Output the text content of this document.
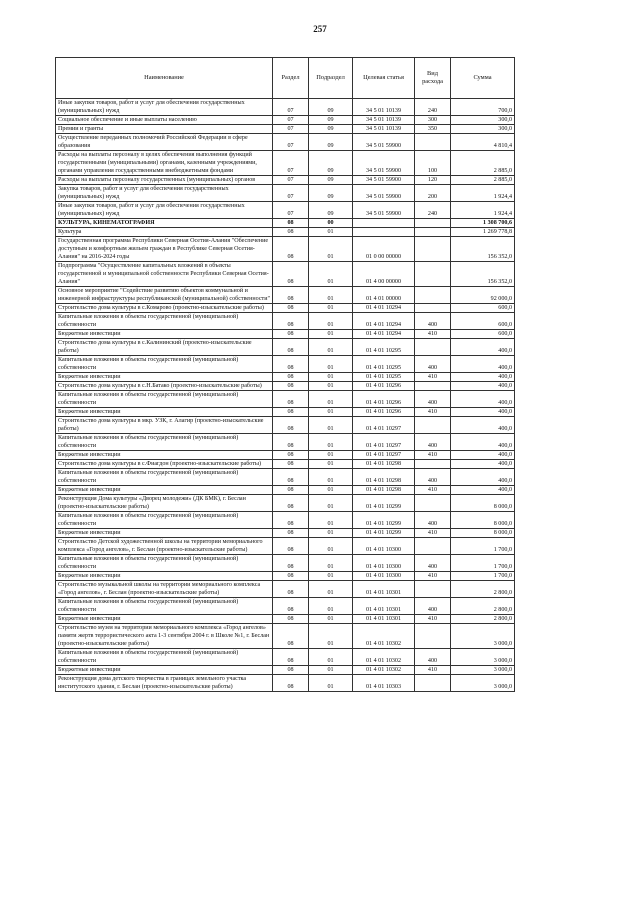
257
Наименование	Раздел	Подраздел	Целевая статья	Вид расхода	Сумма
Иные закупки товаров, работ и услуг для обеспечения государственных (муниципальных) нужд	07	09	34 5 01 10139	240	700,0
Социальное обеспечение и иные выплаты населению	07	09	34 5 01 10139	300	300,0
Премии и гранты	07	09	34 5 01 10139	350	300,0
Осуществление переданных полномочий Российской Федерации в сфере образования	07	09	34 5 01 59900		4 810,4
Расходы на выплаты персоналу в целях обеспечения выполнения функций государственными (муниципальными) органами, казенными учреждениями, органами управления государственными внебюджетными фондами	07	09	34 5 01 59900	100	2 885,0
Расходы на выплаты персоналу государственных (муниципальных) органов	07	09	34 5 01 59900	120	2 885,0
Закупка товаров, работ и услуг для обеспечения государственных (муниципальных) нужд	07	09	34 5 01 59900	200	1 924,4
Иные закупки товаров, работ и услуг для обеспечения государственных (муниципальных) нужд	07	09	34 5 01 59900	240	1 924,4
КУЛЬТУРА, КИНЕМАТОГРАФИЯ	08	00			1 308 700,6
Культура	08	01			1 269 778,8
Государственная программа Республики Северная Осетия-Алания "Обеспечение доступным и комфортным жильем граждан в Республике Северная Осетия-Алания" на 2016-2024 годы	08	01	01 0 00 00000		156 352,0
Подпрограмма "Осуществление капитальных вложений в объекты государственной и муниципальной собственности Республики Северная Осетия-Алания"	08	01	01 4 00 00000		156 352,0
Основное мероприятие "Содействие развитию объектов коммунальной и инженерной инфраструктуры республиканской (муниципальной) собственности"	08	01	01 4 01 00000		92 000,0
Строительство дома культуры в с.Комарово (проектно-изыскательские работы)	08	01	01 4 01 10294		600,0
Капитальные вложения в объекты государственной (муниципальной) собственности	08	01	01 4 01 10294	400	600,0
Бюджетные инвестиции	08	01	01 4 01 10294	410	600,0
Строительство дома культуры в с.Калининский (проектно-изыскательские работы)	08	01	01 4 01 10295		400,0
Капитальные вложения в объекты государственной (муниципальной) собственности	08	01	01 4 01 10295	400	400,0
Бюджетные инвестиции	08	01	01 4 01 10295	410	400,0
Строительство дома культуры в с.Н.Батако (проектно-изыскательские работы)	08	01	01 4 01 10296		400,0
Капитальные вложения в объекты государственной (муниципальной) собственности	08	01	01 4 01 10296	400	400,0
Бюджетные инвестиции	08	01	01 4 01 10296	410	400,0
Строительство дома культуры в мкр. УЗК, г. Алагир (проектно-изыскательские работы)	08	01	01 4 01 10297		400,0
Капитальные вложения в объекты государственной (муниципальной) собственности	08	01	01 4 01 10297	400	400,0
Бюджетные инвестиции	08	01	01 4 01 10297	410	400,0
Строительство дома культуры в с.Фиагдон (проектно-изыскательские работы)	08	01	01 4 01 10298		400,0
Капитальные вложения в объекты государственной (муниципальной) собственности	08	01	01 4 01 10298	400	400,0
Бюджетные инвестиции	08	01	01 4 01 10298	410	400,0
Реконструкция Дома культуры «Дворец молодежи» (ДК БМК), г. Беслан (проектно-изыскательские работы)	08	01	01 4 01 10299		8 000,0
Капитальные вложения в объекты государственной (муниципальной) собственности	08	01	01 4 01 10299	400	8 000,0
Бюджетные инвестиции	08	01	01 4 01 10299	410	8 000,0
Строительство Детской художественной школы на территории мемориального комплекса «Город ангелов», г. Беслан (проектно-изыскательские работы)	08	01	01 4 01 10300		1 700,0
Капитальные вложения в объекты государственной (муниципальной) собственности	08	01	01 4 01 10300	400	1 700,0
Бюджетные инвестиции	08	01	01 4 01 10300	410	1 700,0
Строительство музыкальной школы на территории мемориального комплекса «Город ангелов», г. Беслан (проектно-изыскательские работы)	08	01	01 4 01 10301		2 800,0
Капитальные вложения в объекты государственной (муниципальной) собственности	08	01	01 4 01 10301	400	2 800,0
Бюджетные инвестиции	08	01	01 4 01 10301	410	2 800,0
Строительство музея на территории мемориального комплекса «Город ангелов» памяти жертв террористического акта 1-3 сентября 2004 г. в Школе №1, г. Беслан (проектно-изыскательские работы)	08	01	01 4 01 10302		3 000,0
Капитальные вложения в объекты государственной (муниципальной) собственности	08	01	01 4 01 10302	400	3 000,0
Бюджетные инвестиции	08	01	01 4 01 10302	410	3 000,0
Реконструкция дома детского творчества в границах земельного участка институтского здания, г. Беслан (проектно-изыскательские работы)	08	01	01 4 01 10303		3 000,0
